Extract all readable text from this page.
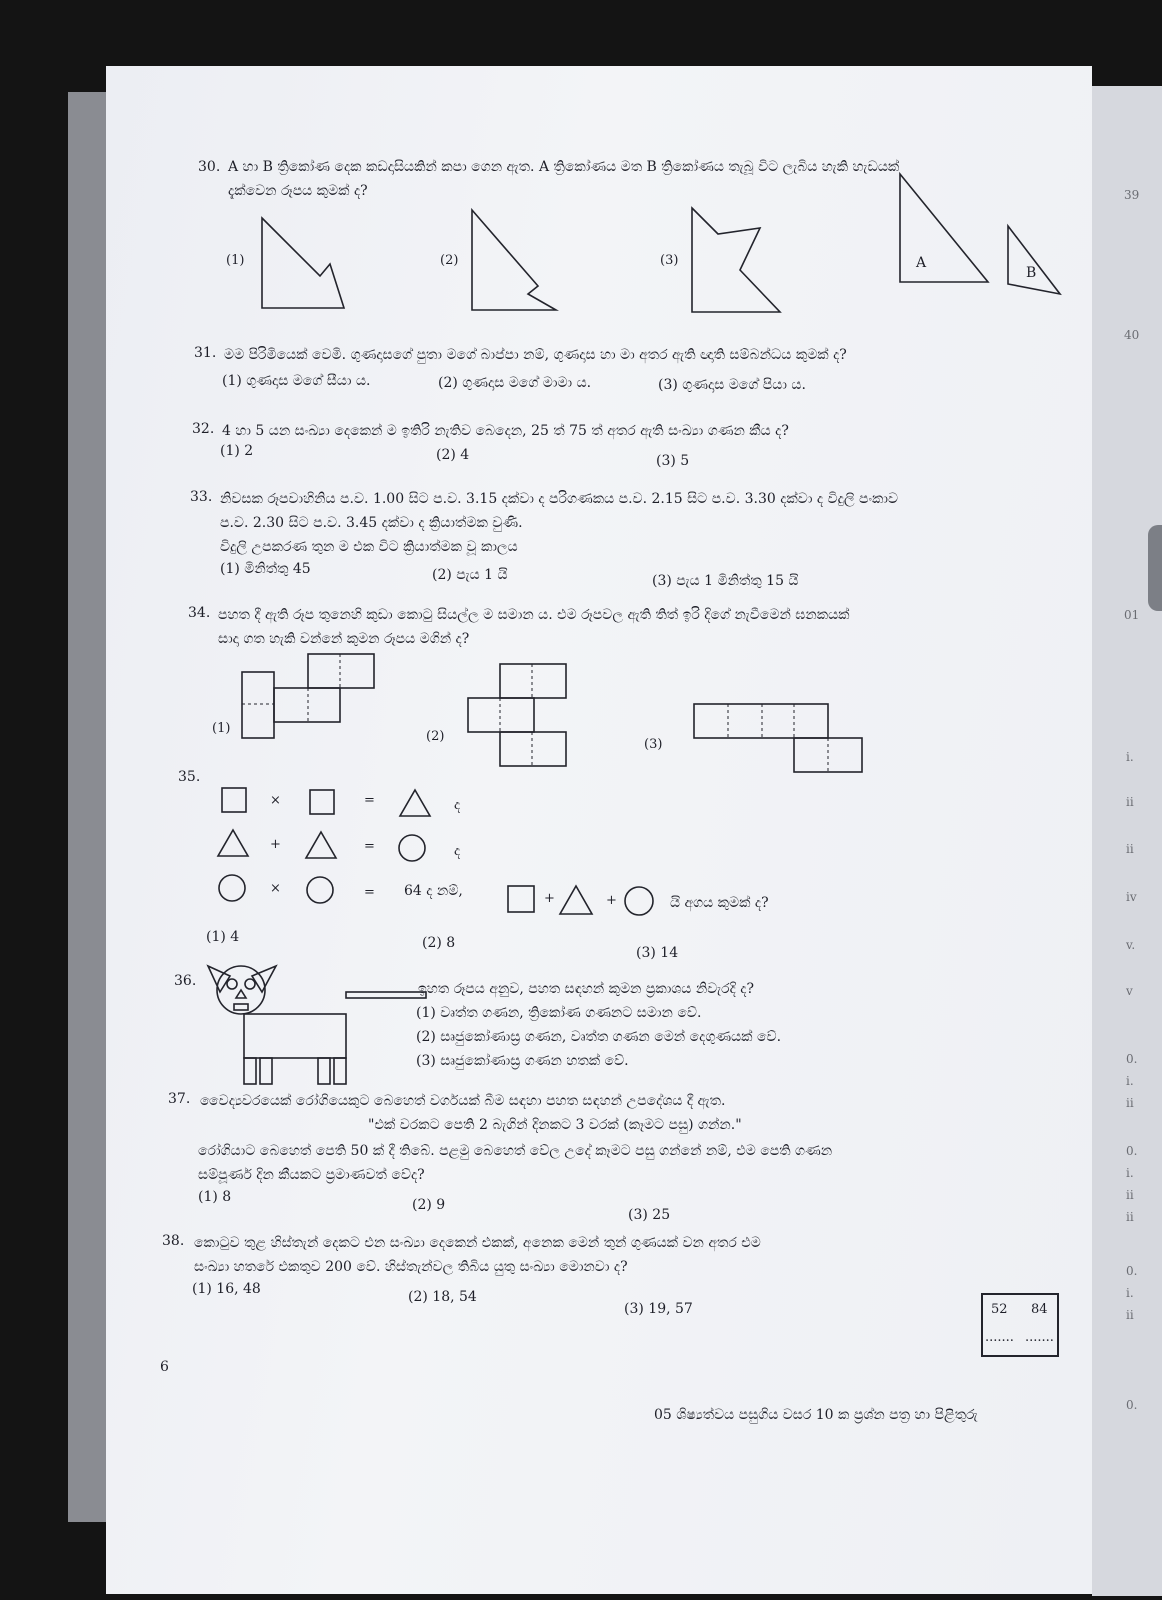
39
40
01
i.
ii
ii
iv
v.
v
0.
i.
ii
0.
i.
ii
ii
0.
i.
ii
0.
30. A හා B ත්‍රිකෝණ දෙක කඩදාසියකින් කපා ගෙන ඇත. A ත්‍රිකෝණය මත B ත්‍රිකෝණය තැබූ විට ලැබිය හැකි හැඩයක්
දැක්වෙන රූපය කුමක් ද?
(1)	(2)	(3)	A
B
31. මම පිරිමියෙක් වෙමි. ගුණදාසගේ පුතා මගේ බාප්පා නම්, ගුණදාස හා මා අතර ඇති ඥාති සම්බන්ධය කුමක් ද?
(1) ගුණදාස මගේ සීයා ය.	(2) ගුණදාස මගේ මාමා ය.	(3) ගුණදාස මගේ පියා ය.
32. 4 හා 5 යන සංඛ්‍යා දෙකෙන් ම ඉතිරි නැතිව බෙදෙන, 25 ත් 75 ත් අතර ඇති සංඛ්‍යා ගණන කීය ද?
(1) 2	(2) 4	(3) 5
33. නිවසක රූපවාහිනිය ප.ව. 1.00 සිට ප.ව. 3.15 දක්වා ද පරිගණකය ප.ව. 2.15 සිට ප.ව. 3.30 දක්වා ද විදුලි පංකාව
ප.ව. 2.30 සිට ප.ව. 3.45 දක්වා ද ක්‍රියාත්මක වුණි.
විදුලි උපකරණ තුන ම එක විට ක්‍රියාත්මක වූ කාලය
(1) මිනිත්තු 45	(2) පැය 1 යි	(3) පැය 1 මිනිත්තු 15 යි
34. පහත දී ඇති රූප තුනෙහි කුඩා කොටු සියල්ල ම සමාන ය. එම රූපවල ඇති තිත් ඉරි දිගේ නැවීමෙන් ඝනකයක්
සාදා ගත හැකි වන්නේ කුමන රූපය මගින් ද?
(1)
(2)
(3)
35.
×	=	ද
+	=	ද
×	= 64 ද නම්,	+	+	යි අගය කුමක් ද?
(1) 4	(2) 8
(3) 14
36.	ඉහත රූපය අනුව, පහත සඳහන් කුමන ප්‍රකාශය නිවැරදි ද?
(1) වෘත්ත ගණන, ත්‍රිකෝණ ගණනට සමාන වේ.
(2) සෘජුකෝණාස්‍ර ගණන, වෘත්ත ගණන මෙන් දෙගුණයක් වේ.
(3) සෘජුකෝණාස්‍ර ගණන හතක් වේ.
37. වෛද්‍යවරයෙක් රෝගියෙකුට බෙහෙත් වර්ගයක් බීම සඳහා පහත සඳහන් උපදේශය දී ඇත.
"එක් වරකට පෙති 2 බැගින් දිනකට 3 වරක් (කෑමට පසු) ගන්න."
රෝගියාට බෙහෙත් පෙති 50 ක් දී තිබේ. පළමු බෙහෙත් වේල උදේ කෑමට පසු ගන්නේ නම්, එම පෙති ගණන
සම්පූර්ණ දින කීයකට ප්‍රමාණවත් වේද?
(1) 8	(2) 9
(3) 25
38. කොටුව තුළ හිස්තැන් දෙකට එන සංඛ්‍යා දෙකෙන් එකක්, අනෙක මෙන් තුන් ගුණයක් වන අතර එම
සංඛ්‍යා හතරේ එකතුව 200 වේ. හිස්තැන්වල තිබිය යුතු සංඛ්‍යා මොනවා ද?
(1) 16, 48	(2) 18, 54
(3) 19, 57	52 84
....... .......
6
05 ශිෂ්‍යත්වය පසුගිය වසර 10 ක ප්‍රශ්න පත්‍ර හා පිළිතුරු
